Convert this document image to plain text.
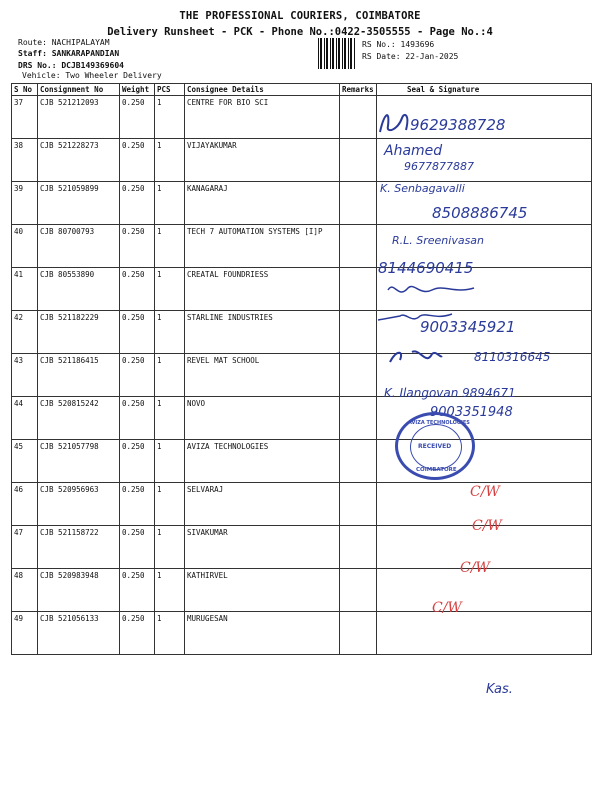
THE PROFESSIONAL COURIERS, COIMBATORE
Delivery Runsheet - PCK - Phone No.:0422-3505555 - Page No.:4
Route: NACHIPALAYAM
Staff: SANKARAPANDIAN
DRS No.: DCJB149369604
Vehicle: Two Wheeler Delivery
RS No.: 1493696
RS Date: 22-Jan-2025
S No	Consignment No	Weight	PCS	Consignee Details	Remarks	Seal & Signature
37	CJB 521212093	0.250	1	CENTRE FOR BIO SCI		
38	CJB 521228273	0.250	1	VIJAYAKUMAR		
39	CJB 521059899	0.250	1	KANAGARAJ		
40	CJB 80700793	0.250	1	TECH 7 AUTOMATION SYSTEMS [I]P		
41	CJB 80553890	0.250	1	CREATAL FOUNDRIESS		
42	CJB 521182229	0.250	1	STARLINE INDUSTRIES		
43	CJB 521186415	0.250	1	REVEL MAT SCHOOL		
44	CJB 520815242	0.250	1	NOVO		
45	CJB 521057798	0.250	1	AVIZA TECHNOLOGIES		
46	CJB 520956963	0.250	1	SELVARAJ		
47	CJB 521158722	0.250	1	SIVAKUMAR		
48	CJB 520983948	0.250	1	KATHIRVEL		
49	CJB 521056133	0.250	1	MURUGESAN		
9629388728
Ahamed
9677877887
K. Senbagavalli
8508886745
R.L. Sreenivasan
8144690415
9003345921
8110316645
K. Ilangovan 9894671
9003351948
AVIZA TECHNOLOGIES
RECEIVED
COIMBATORE
C/W
C/W
C/W
C/W
Kas.
